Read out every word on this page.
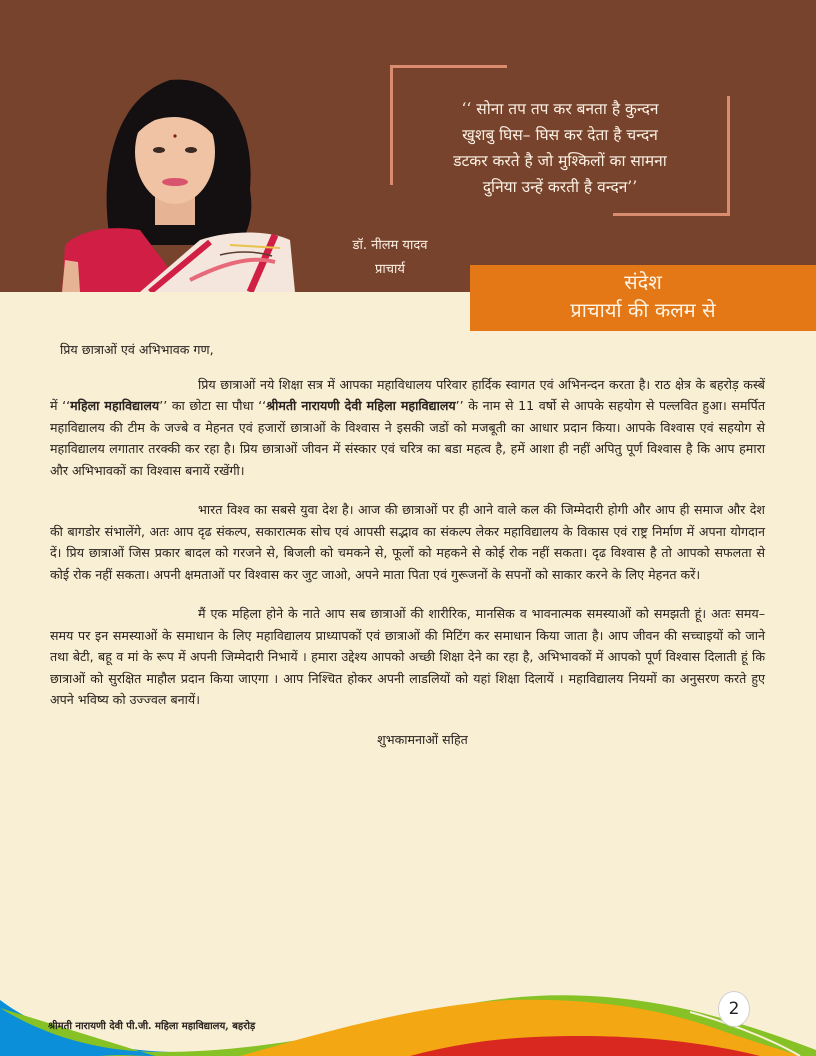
‘‘ सोना तप तप कर बनता है कुन्दन
खुशबु घिस– घिस कर देता है चन्दन
डटकर करते है जो मुश्किलों का सामना
दुनिया उन्हें करती है वन्दन’’
डॉ. नीलम यादव
प्राचार्य
संदेश
प्राचार्या की कलम से
प्रिय छात्राओं एवं अभिभावक गण,

प्रिय छात्राओं नये शिक्षा सत्र में आपका महाविधालय परिवार हार्दिक स्वागत एवं अभिनन्दन करता है। राठ क्षेत्र के बहरोड़ कस्बें में ‘‘महिला महाविद्यालय’’ का छोटा सा पौधा ‘‘श्रीमती नारायणी देवी महिला महाविद्यालय’’ के नाम से 11 वर्षो से आपके सहयोग से पल्लवित हुआ। समर्पित महाविद्यालय की टीम के जज्बे व मेहनत एवं हजारों छात्राओं के विश्वास ने इसकी जडों को मजबूती का आधार प्रदान किया। आपके विश्वास एवं सहयोग से महाविद्यालय लगातार तरक्की कर रहा है। प्रिय छात्राओं जीवन में संस्कार एवं चरित्र का बडा महत्व है, हमें आशा ही नहीं अपितु पूर्ण विश्वास है कि आप हमारा और अभिभावकों का विश्वास बनायें रखेंगी।

भारत विश्व का सबसे युवा देश है। आज की छात्राओं पर ही आने वाले कल की जिम्मेदारी होगी और आप ही समाज और देश की बागडोर संभालेंगे, अतः आप दृढ संकल्प, सकारात्मक सोच एवं आपसी सद्भाव का संकल्प लेकर महाविद्यालय के विकास एवं राष्ट्र निर्माण में अपना योगदान दें। प्रिय छात्राओं जिस प्रकार बादल को गरजने से, बिजली को चमकने से, फूलों को महकने से कोई रोक नहीं सकता। दृढ विश्वास है तो आपको सफलता से कोई रोक नहीं सकता। अपनी क्षमताओं पर विश्वास कर जुट जाओ, अपने माता पिता एवं गुरूजनों के सपनों को साकार करने के लिए मेहनत करें।

मैं एक महिला होने के नाते आप सब छात्राओं की शारीरिक, मानसिक व भावनात्मक समस्याओं को समझती हूं। अतः समय–समय पर इन समस्याओं के समाधान के लिए महाविद्यालय प्राध्यापकों एवं छात्राओं की मिटिंग कर समाधान किया जाता है। आप जीवन की सच्चाइयों को जाने तथा बेटी, बहू व मां के रूप में अपनी जिम्मेदारी निभायें । हमारा उद्देश्य आपको अच्छी शिक्षा देने का रहा है, अभिभावकों में आपको पूर्ण विश्वास दिलाती हूं कि छात्राओं को सुरक्षित माहौल प्रदान किया जाएगा । आप निश्चित होकर अपनी लाडलियों को यहां शिक्षा दिलायें । महाविद्यालय नियमों का अनुसरण करते हुए अपने भविष्य को उज्ज्वल बनायें।

शुभकामनाओं सहित
श्रीमती नारायणी देवी पी.जी. महिला महाविद्यालय, बहरोड़
2
